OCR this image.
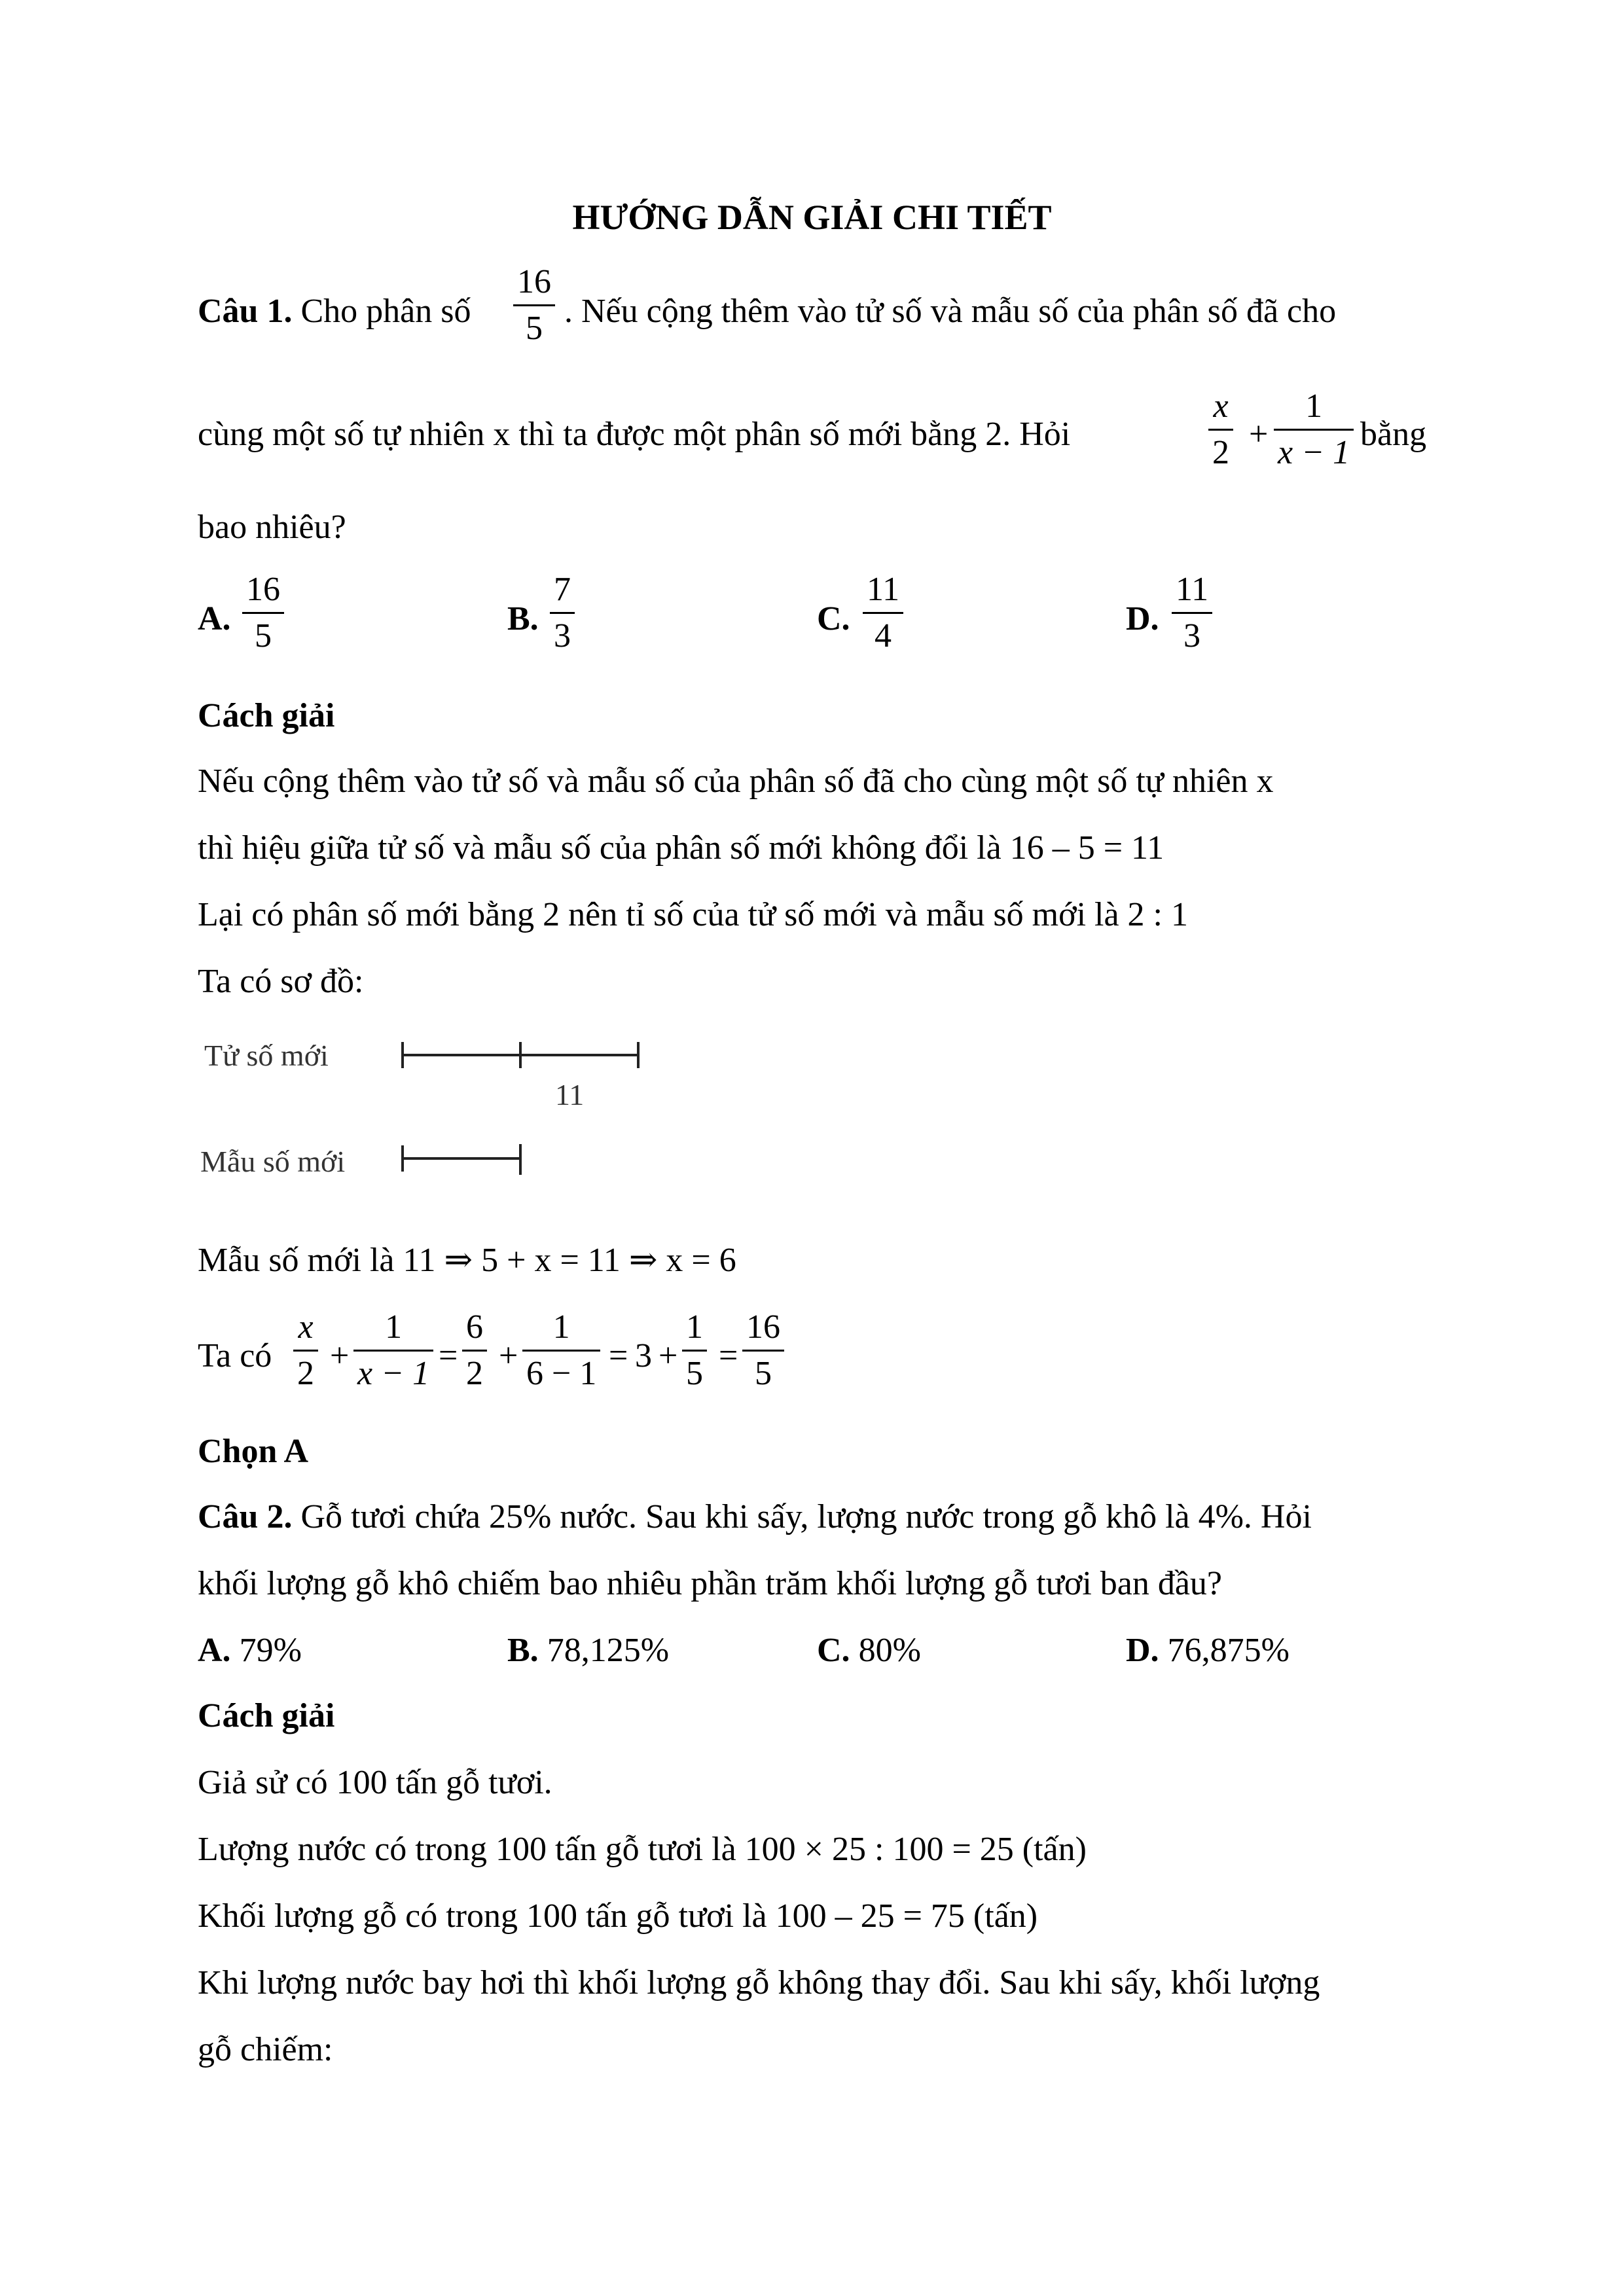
HƯỚNG DẪN GIẢI CHI TIẾT
Câu 1. Cho phân số $\frac{16}{5}$ . Nếu cộng thêm vào tử số và mẫu số của phân số đã cho
cùng một số tự nhiên x thì ta được một phân số mới bằng 2. Hỏi	$\frac{x}{2} + \frac{1}{x - 1}$ bằng
bao nhiêu?
A. $\frac{16}{5}$	B. $\frac{7}{3}$	C. $\frac{11}{4}$	D. $\frac{11}{3}$
Cách giải
Nếu cộng thêm vào tử số và mẫu số của phân số đã cho cùng một số tự nhiên x
thì hiệu giữa tử số và mẫu số của phân số mới không đổi là 16 – 5 = 11
Lại có phân số mới bằng 2 nên tỉ số của tử số mới và mẫu số mới là 2 : 1
Ta có sơ đồ:
Tử số mới
Mẫu số mới
11
Mẫu số mới là 11 ⇒ 5 + x = 11 ⇒ x = 6
Ta có $\frac{x}{2} + \frac{1}{x - 1} = \frac{6}{2} + \frac{1}{6 - 1} = 3 + \frac{1}{5} = \frac{16}{5}$
Chọn A
Câu 2. Gỗ tươi chứa 25% nước. Sau khi sấy, lượng nước trong gỗ khô là 4%. Hỏi
khối lượng gỗ khô chiếm bao nhiêu phần trăm khối lượng gỗ tươi ban đầu?
A. 79%	B. 78,125%	C. 80%	D. 76,875%
Cách giải
Giả sử có 100 tấn gỗ tươi.
Lượng nước có trong 100 tấn gỗ tươi là 100 × 25 : 100 = 25 (tấn)
Khối lượng gỗ có trong 100 tấn gỗ tươi là 100 – 25 = 75 (tấn)
Khi lượng nước bay hơi thì khối lượng gỗ không thay đổi. Sau khi sấy, khối lượng
gỗ chiếm:
